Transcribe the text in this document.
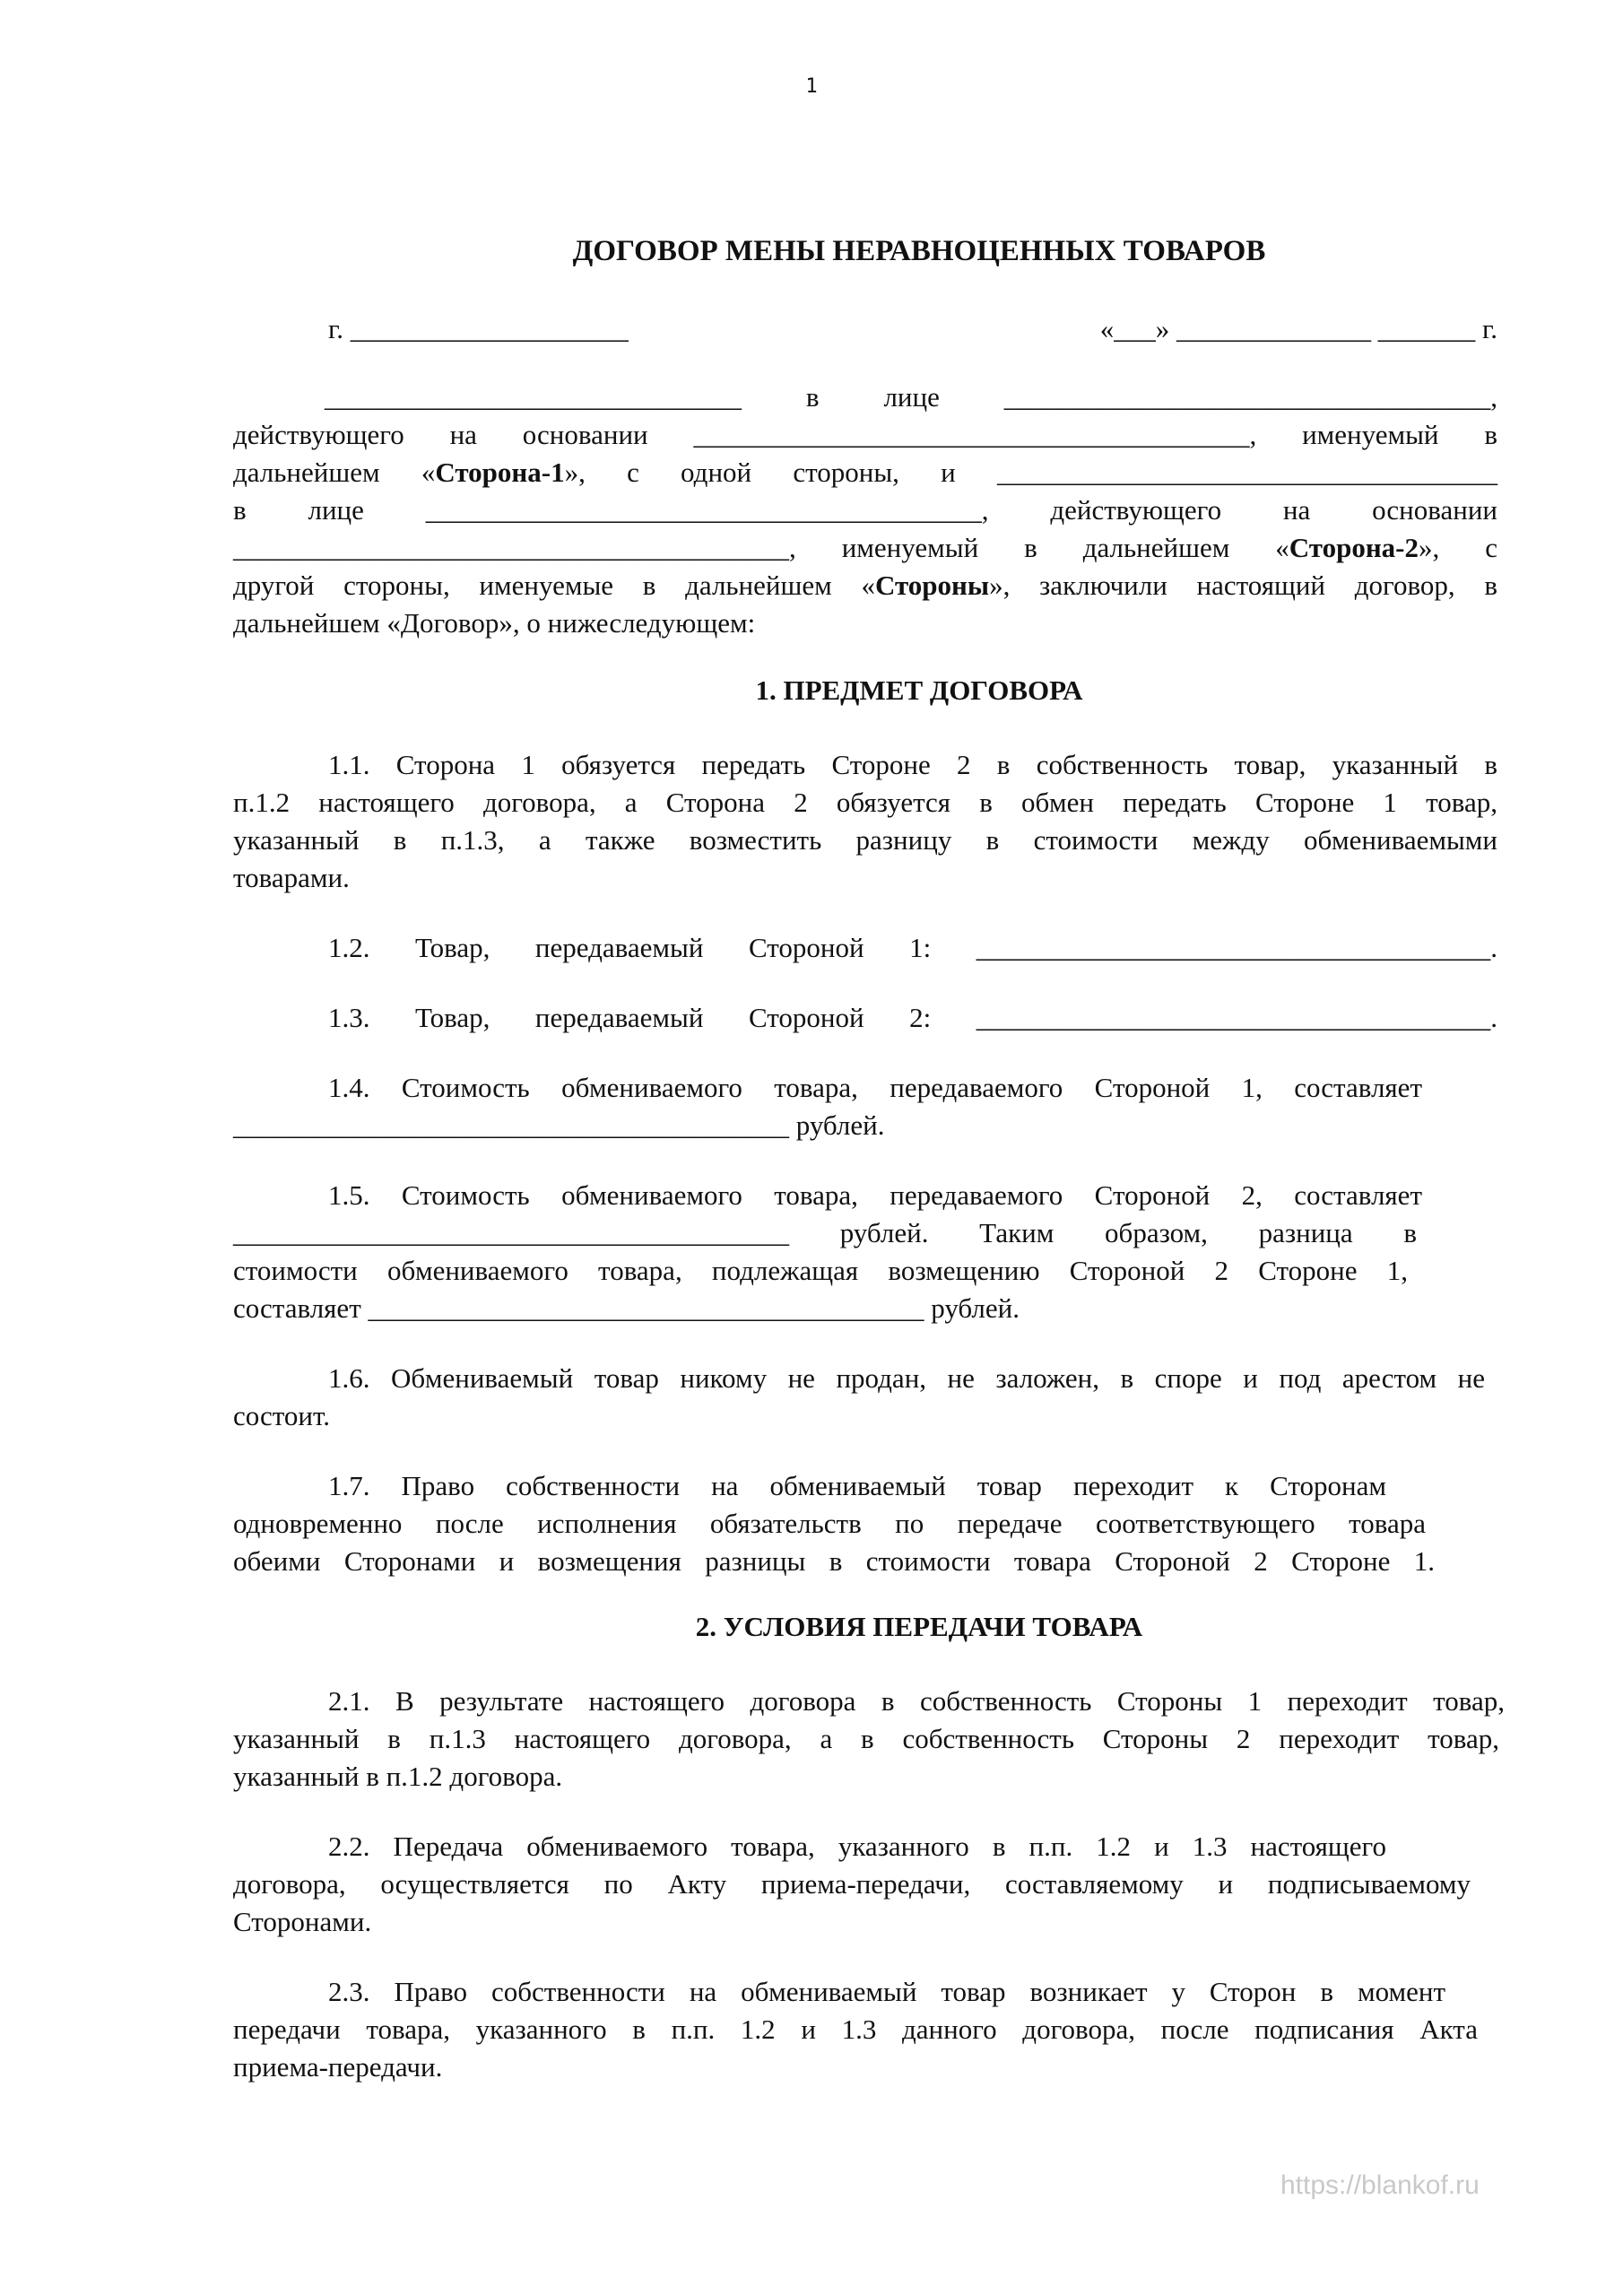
1
ДОГОВОР МЕНЫ НЕРАВНОЦЕННЫХ ТОВАРОВ
г. ____________________	«___» ______________ _______ г.
______________________________ в лице ___________________________________,
действующего на основании ________________________________________, именуемый в
дальнейшем «Сторона-1», с одной стороны, и ____________________________________
в лице ________________________________________, действующего на основании
________________________________________, именуемый в дальнейшем «Сторона-2», с
другой стороны, именуемые в дальнейшем «Стороны», заключили настоящий договор, в
дальнейшем «Договор», о нижеследующем:
1. ПРЕДМЕТ ДОГОВОРА
1.1. Сторона 1 обязуется передать Стороне 2 в собственность товар, указанный в
п.1.2 настоящего договора, а Сторона 2 обязуется в обмен передать Стороне 1 товар,
указанный в п.1.3, а также возместить разницу в стоимости между обмениваемыми
товарами.
1.2. Товар, передаваемый Стороной 1: _____________________________________.
1.3. Товар, передаваемый Стороной 2: _____________________________________.
1.4. Стоимость обмениваемого товара, передаваемого Стороной 1, составляет
________________________________________ рублей.
1.5. Стоимость обмениваемого товара, передаваемого Стороной 2, составляет
________________________________________ рублей. Таким образом, разница в
стоимости обмениваемого товара, подлежащая возмещению Стороной 2 Стороне 1,
составляет ________________________________________ рублей.
1.6. Обмениваемый товар никому не продан, не заложен, в споре и под арестом не
состоит.
1.7. Право собственности на обмениваемый товар переходит к Сторонам
одновременно после исполнения обязательств по передаче соответствующего товара
обеими Сторонами и возмещения разницы в стоимости товара Стороной 2 Стороне 1.
2. УСЛОВИЯ ПЕРЕДАЧИ ТОВАРА
2.1. В результате настоящего договора в собственность Стороны 1 переходит товар,
указанный в п.1.3 настоящего договора, а в собственность Стороны 2 переходит товар,
указанный в п.1.2 договора.
2.2. Передача обмениваемого товара, указанного в п.п. 1.2 и 1.3 настоящего
договора, осуществляется по Акту приема-передачи, составляемому и подписываемому
Сторонами.
2.3. Право собственности на обмениваемый товар возникает у Сторон в момент
передачи товара, указанного в п.п. 1.2 и 1.3 данного договора, после подписания Акта
приема-передачи.
https://blankof.ru
